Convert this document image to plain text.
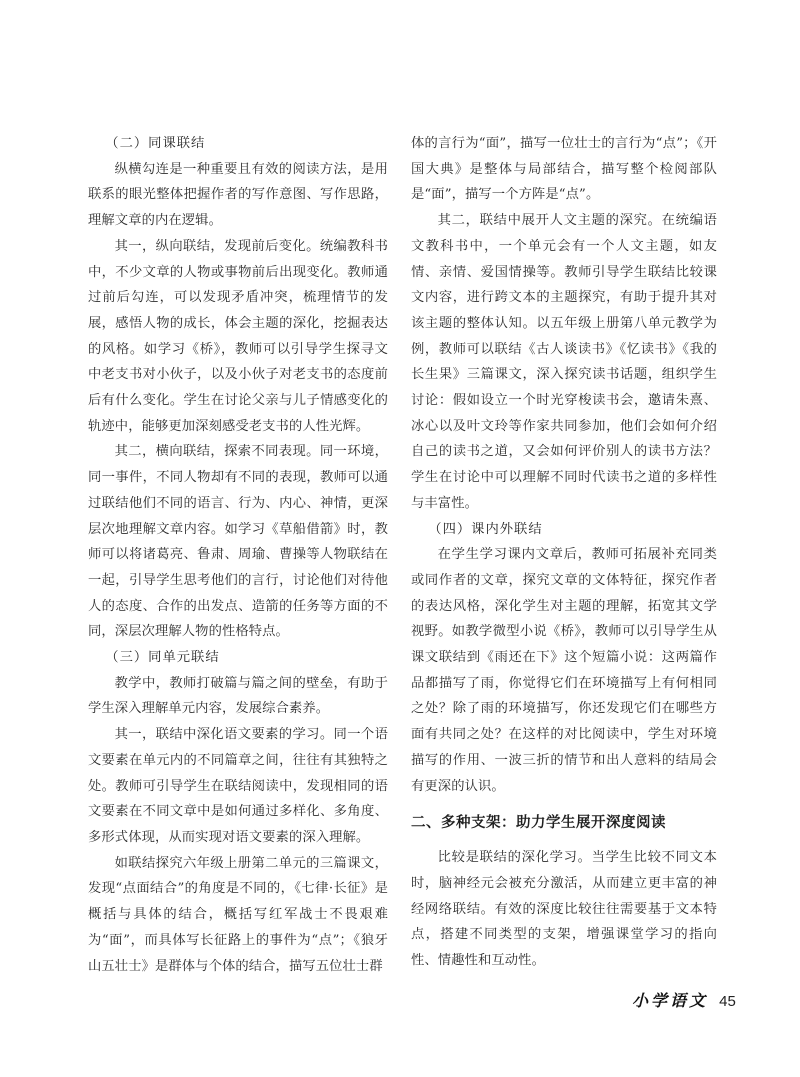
（二）同课联结

纵横勾连是一种重要且有效的阅读方法，是用联系的眼光整体把握作者的写作意图、写作思路，理解文章的内在逻辑。

其一，纵向联结，发现前后变化。统编教科书中，不少文章的人物或事物前后出现变化。教师通过前后勾连，可以发现矛盾冲突，梳理情节的发展，感悟人物的成长，体会主题的深化，挖掘表达的风格。如学习《桥》，教师可以引导学生探寻文中老支书对小伙子，以及小伙子对老支书的态度前后有什么变化。学生在讨论父亲与儿子情感变化的轨迹中，能够更加深刻感受老支书的人性光辉。

其二，横向联结，探索不同表现。同一环境，同一事件，不同人物却有不同的表现，教师可以通过联结他们不同的语言、行为、内心、神情，更深层次地理解文章内容。如学习《草船借箭》时，教师可以将诸葛亮、鲁肃、周瑜、曹操等人物联结在一起，引导学生思考他们的言行，讨论他们对待他人的态度、合作的出发点、造箭的任务等方面的不同，深层次理解人物的性格特点。

（三）同单元联结

教学中，教师打破篇与篇之间的壁垒，有助于学生深入理解单元内容，发展综合素养。

其一，联结中深化语文要素的学习。同一个语文要素在单元内的不同篇章之间，往往有其独特之处。教师可引导学生在联结阅读中，发现相同的语文要素在不同文章中是如何通过多样化、多角度、多形式体现，从而实现对语文要素的深入理解。

如联结探究六年级上册第二单元的三篇课文，发现“点面结合”的角度是不同的，《七律·长征》是概括与具体的结合，概括写红军战士不畏艰难为“面”，而具体写长征路上的事件为“点”；《狼牙山五壮士》是群体与个体的结合，描写五位壮士群

体的言行为“面”，描写一位壮士的言行为“点”；《开国大典》是整体与局部结合，描写整个检阅部队是“面”，描写一个方阵是“点”。

其二，联结中展开人文主题的深究。在统编语文教科书中，一个单元会有一个人文主题，如友情、亲情、爱国情操等。教师引导学生联结比较课文内容，进行跨文本的主题探究，有助于提升其对该主题的整体认知。以五年级上册第八单元教学为例，教师可以联结《古人谈读书》《忆读书》《我的长生果》三篇课文，深入探究读书话题，组织学生讨论：假如设立一个时光穿梭读书会，邀请朱熹、冰心以及叶文玲等作家共同参加，他们会如何介绍自己的读书之道，又会如何评价别人的读书方法？学生在讨论中可以理解不同时代读书之道的多样性与丰富性。

（四）课内外联结

在学生学习课内文章后，教师可拓展补充同类或同作者的文章，探究文章的文体特征，探究作者的表达风格，深化学生对主题的理解，拓宽其文学视野。如教学微型小说《桥》，教师可以引导学生从课文联结到《雨还在下》这个短篇小说：这两篇作品都描写了雨，你觉得它们在环境描写上有何相同之处？除了雨的环境描写，你还发现它们在哪些方面有共同之处？在这样的对比阅读中，学生对环境描写的作用、一波三折的情节和出人意料的结局会有更深的认识。

二、多种支架：助力学生展开深度阅读

比较是联结的深化学习。当学生比较不同文本时，脑神经元会被充分激活，从而建立更丰富的神经网络联结。有效的深度比较往往需要基于文本特点，搭建不同类型的支架，增强课堂学习的指向性、情趣性和互动性。

小学语文 45
